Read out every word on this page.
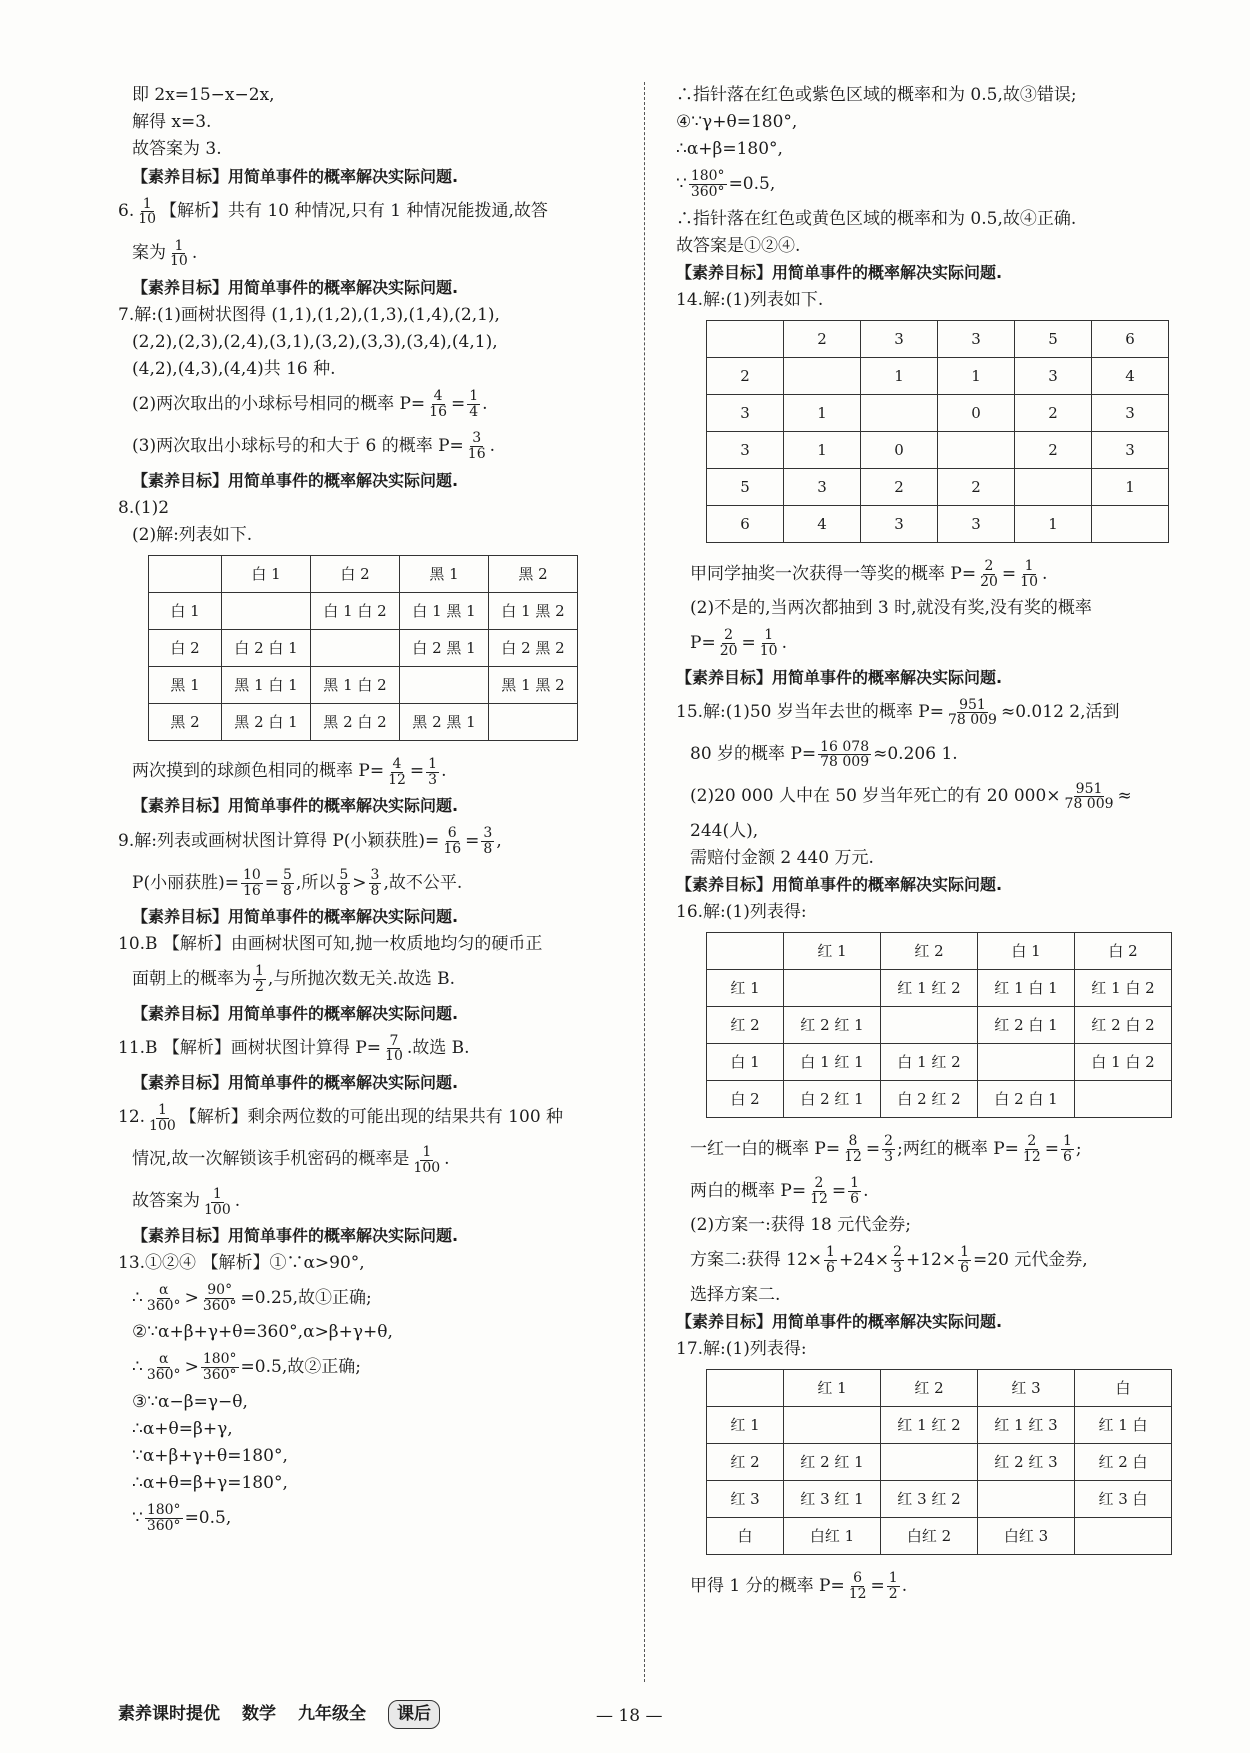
即 2x=15−x−2x,

解得 x=3.

故答案为 3.

【素养目标】用简单事件的概率解决实际问题.

6. $\frac{1}{10}$ 【解析】共有 10 种情况,只有 1 种情况能拨通,故答

案为 $\frac{1}{10}$ .

【素养目标】用简单事件的概率解决实际问题.

7.解:(1)画树状图得 (1,1),(1,2),(1,3),(1,4),(2,1),

(2,2),(2,3),(2,4),(3,1),(3,2),(3,3),(3,4),(4,1),

(4,2),(4,3),(4,4)共 16 种.

(2)两次取出的小球标号相同的概率 $P= \frac{4}{16} = \frac{1}{4}$ .

(3)两次取出小球标号的和大于 6 的概率 $P= \frac{3}{16}$ .

【素养目标】用简单事件的概率解决实际问题.

8.(1)2

(2)解:列表如下.

	白 1	白 2	黑 1	黑 2
白 1		白 1 白 2	白 1 黑 1	白 1 黑 2
白 2	白 2 白 1		白 2 黑 1	白 2 黑 2
黑 1	黑 1 白 1	黑 1 白 2		黑 1 黑 2
黑 2	黑 2 白 1	黑 2 白 2	黑 2 黑 1	

两次摸到的球颜色相同的概率 $P= \frac{4}{12} = \frac{1}{3}$ .

【素养目标】用简单事件的概率解决实际问题.

9.解:列表或画树状图计算得 P(小颖获胜)= $\frac{6}{16} = \frac{3}{8}$ ,

P(小丽获胜)= $\frac{10}{16} = \frac{5}{8}$ ,所以 $\frac{5}{8} > \frac{3}{8}$ ,故不公平.

【素养目标】用简单事件的概率解决实际问题.

10.B 【解析】由画树状图可知,抛一枚质地均匀的硬币正

面朝上的概率为 $\frac{1}{2}$ ,与所抛次数无关.故选 B.

【素养目标】用简单事件的概率解决实际问题.

11.B 【解析】画树状图计算得 $P= \frac{7}{10}$ .故选 B.

【素养目标】用简单事件的概率解决实际问题.

12. $\frac{1}{100}$ 【解析】剩余两位数的可能出现的结果共有 100 种

情况,故一次解锁该手机密码的概率是 $\frac{1}{100}$ .

故答案为 $\frac{1}{100}$ .

【素养目标】用简单事件的概率解决实际问题.

13.①②④ 【解析】①∵α>90°,

∴ $\frac{\alpha}{360^\circ} > \frac{90^\circ}{360^\circ} =0.25$,故①正确;

②∵α+β+γ+θ=360°,α>β+γ+θ,

∴ $\frac{\alpha}{360^\circ} > \frac{180^\circ}{360^\circ} =0.5$,故②正确;

③∵α−β=γ−θ,

∴α+θ=β+γ,

∵α+β+γ+θ=180°,

∴α+θ=β+γ=180°,

∵ $\frac{180^\circ}{360^\circ} =0.5$,

∴指针落在红色或紫色区域的概率和为 0.5,故③错误;

④∵γ+θ=180°,

∴α+β=180°,

∵ $\frac{180^\circ}{360^\circ} =0.5$,

∴指针落在红色或黄色区域的概率和为 0.5,故④正确.

故答案是①②④.

【素养目标】用简单事件的概率解决实际问题.

14.解:(1)列表如下.

	2	3	3	5	6
2		1	1	3	4
3	1		0	2	3
3	1	0		2	3
5	3	2	2		1
6	4	3	3	1	

甲同学抽奖一次获得一等奖的概率 $P= \frac{2}{20} = \frac{1}{10}$ .

(2)不是的,当两次都抽到 3 时,就没有奖,没有奖的概率

$P= \frac{2}{20} = \frac{1}{10}$ .

【素养目标】用简单事件的概率解决实际问题.

15.解:(1)50 岁当年去世的概率 $P= \frac{951}{78 009} \approx 0.012$ 2,活到

80 岁的概率 $P= \frac{16 078}{78 009} \approx 0.206$ 1.

(2)20 000 人中在 50 岁当年死亡的有 20 $000\times \frac{951}{78 009}$ ≈

244(人),

需赔付金额 2 440 万元.

【素养目标】用简单事件的概率解决实际问题.

16.解:(1)列表得:

	红 1	红 2	白 1	白 2
红 1		红 1 红 2	红 1 白 1	红 1 白 2
红 2	红 2 红 1		红 2 白 1	红 2 白 2
白 1	白 1 红 1	白 1 红 2		白 1 白 2
白 2	白 2 红 1	白 2 红 2	白 2 白 1	

一红一白的概率 $P= \frac{8}{12} = \frac{2}{3}$ ;两红的概率 $P= \frac{2}{12} = \frac{1}{6}$ ;

两白的概率 $P= \frac{2}{12} = \frac{1}{6}$ .

(2)方案一:获得 18 元代金券;

方案二:获得 $12\times \frac{1}{6} +24\times \frac{2}{3} +12\times \frac{1}{6} =20$ 元代金券,

选择方案二.

【素养目标】用简单事件的概率解决实际问题.

17.解:(1)列表得:

	红 1	红 2	红 3	白
红 1		红 1 红 2	红 1 红 3	红 1 白
红 2	红 2 红 1		红 2 红 3	红 2 白
红 3	红 3 红 1	红 3 红 2		红 3 白
白	白红 1	白红 2	白红 3	

甲得 1 分的概率 $P= \frac{6}{12} = \frac{1}{2}$ .

素养课时提优 数学 九年级全	课后	— 18 —
